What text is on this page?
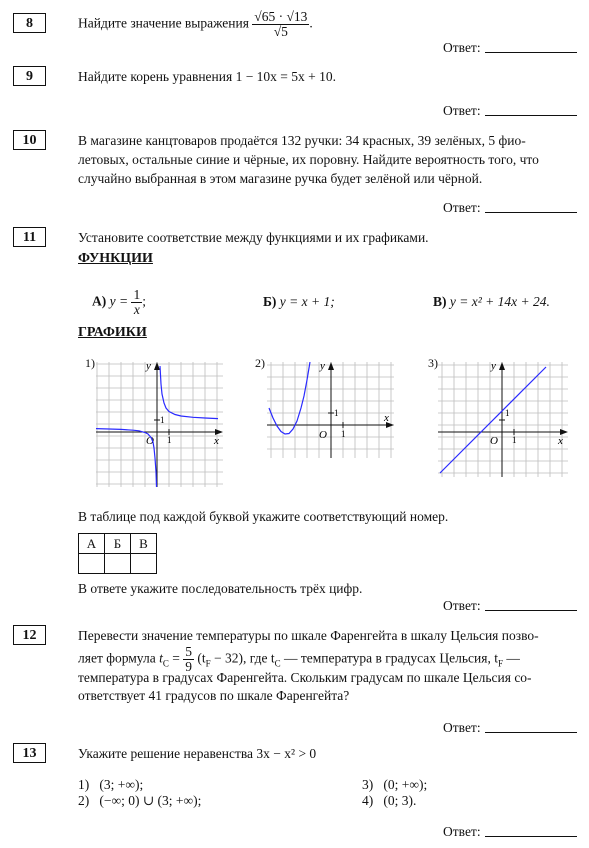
8	Найдите значение выражения $\frac{√65 \cdot √13}{√5}$ .
Ответ:
9	Найдите корень уравнения 1 − 10x = 5x + 10.
Ответ:
10	В магазине канцтоваров продаётся 132 ручки: 34 красных, 39 зелёных, 5 фио-
летовых, остальные синие и чёрные, их поровну. Найдите вероятность того, что
случайно выбранная в этом магазине ручка будет зелёной или чёрной.
Ответ:
11	Установите соответствие между функциями и их графиками.
ФУНКЦИИ
А) $y = \frac{1}{x}$ ;	Б) y = x + 1;	В) y = x² + 14x + 24.
ГРАФИКИ
1)	y
x
O 1
1
2)	y
x
O 1
1
3)	y
x
O 1
1
В таблице под каждой буквой укажите соответствующий номер.
А	Б	В

В ответе укажите последовательность трёх цифр.
Ответ:
12	Перевести значение температуры по шкале Фаренгейта в шкалу Цельсия позво-
ляет формула $t_C = \frac{5}{9} (t_F - 32)$, где $t_C$ — температура в градусах Цельсия, $t_F$ —
температура в градусах Фаренгейта. Скольким градусам по шкале Цельсия со-
ответствует 41 градусов по шкале Фаренгейта?
Ответ:
13	Укажите решение неравенства 3x − x² > 0
1)   (3; +∞);
2)   (−∞; 0) ∪ (3; +∞);
3)   (0; +∞);
4)   (0; 3).
Ответ:
